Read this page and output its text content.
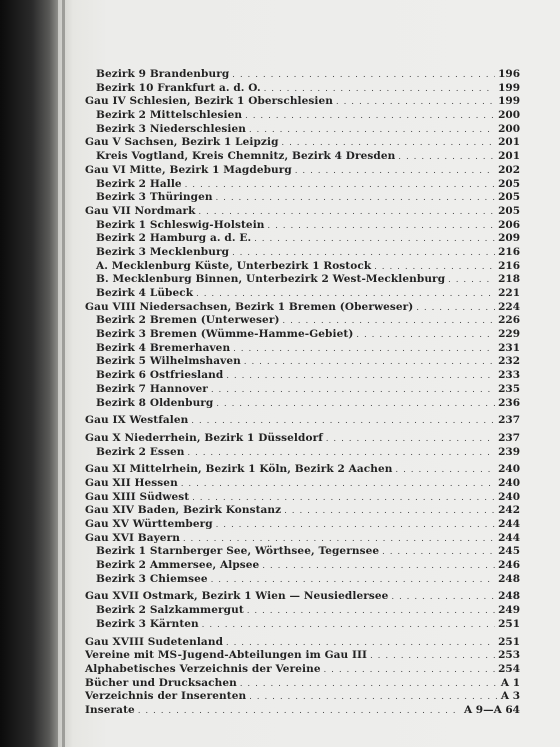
Bezirk 9 Brandenburg . . .	196
Bezirk 10 Frankfurt a. d. O. . . .	199
Gau IV Schlesien, Bezirk 1 Oberschlesien . . .	199
Bezirk 2 Mittelschlesien . . .	200
Bezirk 3 Niederschlesien . . .	200
Gau V Sachsen, Bezirk 1 Leipzig . . .	201
Kreis Vogtland, Kreis Chemnitz, Bezirk 4 Dresden . . .	201
Gau VI Mitte, Bezirk 1 Magdeburg . . .	202
Bezirk 2 Halle . . .	205
Bezirk 3 Thüringen . . .	205
Gau VII Nordmark . . .	205
Bezirk 1 Schleswig-Holstein . . .	206
Bezirk 2 Hamburg a. d. E. . . .	209
Bezirk 3 Mecklenburg . . .	216
A. Mecklenburg Küste, Unterbezirk 1 Rostock . . .	216
B. Mecklenburg Binnen, Unterbezirk 2 West-Mecklenburg . . .	218
Bezirk 4 Lübeck . . .	221
Gau VIII Niedersachsen, Bezirk 1 Bremen (Oberweser) . . .	224
Bezirk 2 Bremen (Unterweser) . . .	226
Bezirk 3 Bremen (Wümme-Hamme-Gebiet) . . .	229
Bezirk 4 Bremerhaven . . .	231
Bezirk 5 Wilhelmshaven . . .	232
Bezirk 6 Ostfriesland . . .	233
Bezirk 7 Hannover . . .	235
Bezirk 8 Oldenburg . . .	236
Gau IX Westfalen . . .	237
Gau X Niederrhein, Bezirk 1 Düsseldorf . . .	237
Bezirk 2 Essen . . .	239
Gau XI Mittelrhein, Bezirk 1 Köln, Bezirk 2 Aachen . . .	240
Gau XII Hessen . . .	240
Gau XIII Südwest . . .	240
Gau XIV Baden, Bezirk Konstanz . . .	242
Gau XV Württemberg . . .	244
Gau XVI Bayern . . .	244
Bezirk 1 Starnberger See, Wörthsee, Tegernsee . . .	245
Bezirk 2 Ammersee, Alpsee . . .	246
Bezirk 3 Chiemsee . . .	248
Gau XVII Ostmark, Bezirk 1 Wien — Neusiedlersee . . .	248
Bezirk 2 Salzkammergut . . .	249
Bezirk 3 Kärnten . . .	251
Gau XVIII Sudetenland . . .	251
Vereine mit MS-Jugend-Abteilungen im Gau III . . .	253
Alphabetisches Verzeichnis der Vereine . . .	254
Bücher und Drucksachen . . .	A 1
Verzeichnis der Inserenten . . .	A 3
Inserate . . .	A 9—A 64
